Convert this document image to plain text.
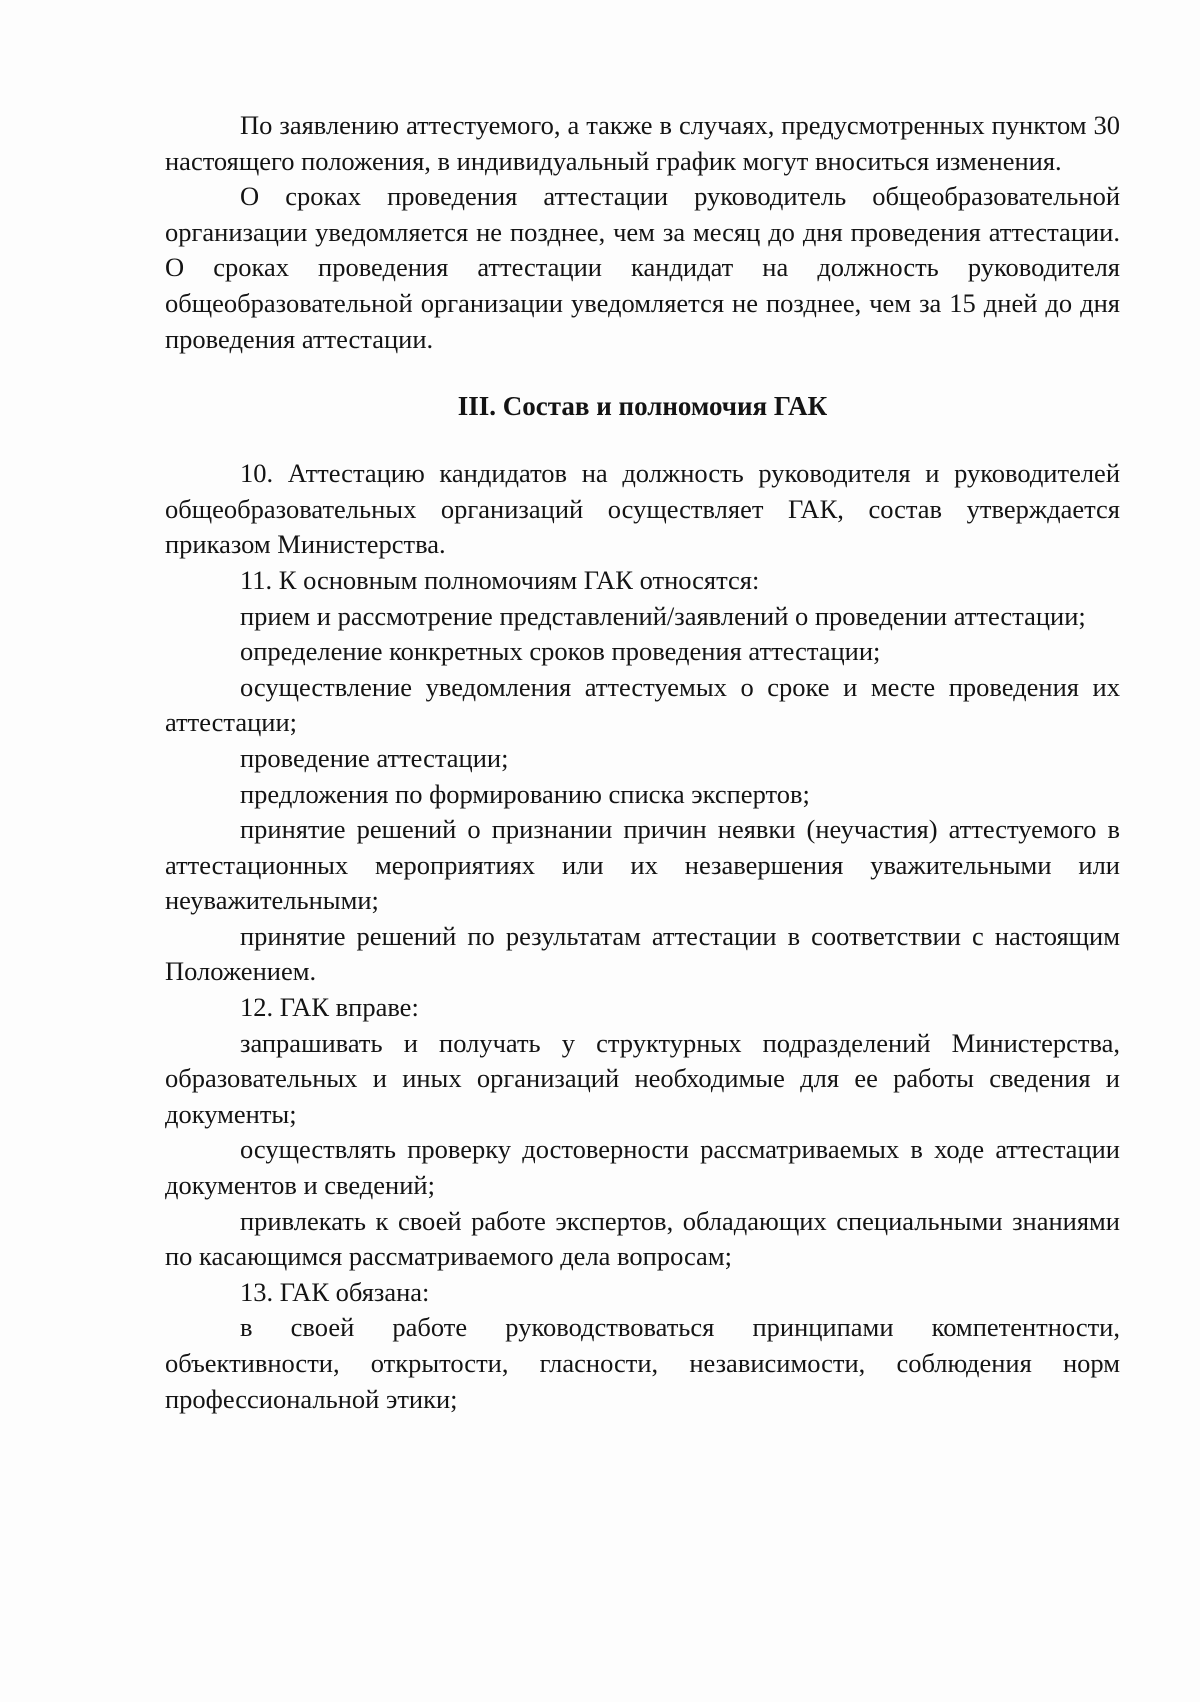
По заявлению аттестуемого, а также в случаях, предусмотренных пунктом 30 настоящего положения, в индивидуальный график могут вноситься изменения.

О сроках проведения аттестации руководитель общеобразовательной организации уведомляется не позднее, чем за месяц до дня проведения аттестации. О сроках проведения аттестации кандидат на должность руководителя общеобразовательной организации уведомляется не позднее, чем за 15 дней до дня проведения аттестации.

III. Состав и полномочия ГАК

10. Аттестацию кандидатов на должность руководителя и руководителей общеобразовательных организаций осуществляет ГАК, состав утверждается приказом Министерства.

11. К основным полномочиям ГАК относятся:

прием и рассмотрение представлений/заявлений о проведении аттестации;

определение конкретных сроков проведения аттестации;

осуществление уведомления аттестуемых о сроке и месте проведения их аттестации;

проведение аттестации;

предложения по формированию списка экспертов;

принятие решений о признании причин неявки (неучастия) аттестуемого в аттестационных мероприятиях или их незавершения уважительными или неуважительными;

принятие решений по результатам аттестации в соответствии с настоящим Положением.

12. ГАК вправе:

запрашивать и получать у структурных подразделений Министерства, образовательных и иных организаций необходимые для ее работы сведения и документы;

осуществлять проверку достоверности рассматриваемых в ходе аттестации документов и сведений;

привлекать к своей работе экспертов, обладающих специальными знаниями по касающимся рассматриваемого дела вопросам;

13. ГАК обязана:

в своей работе руководствоваться принципами компетентности, объективности, открытости, гласности, независимости, соблюдения норм профессиональной этики;
